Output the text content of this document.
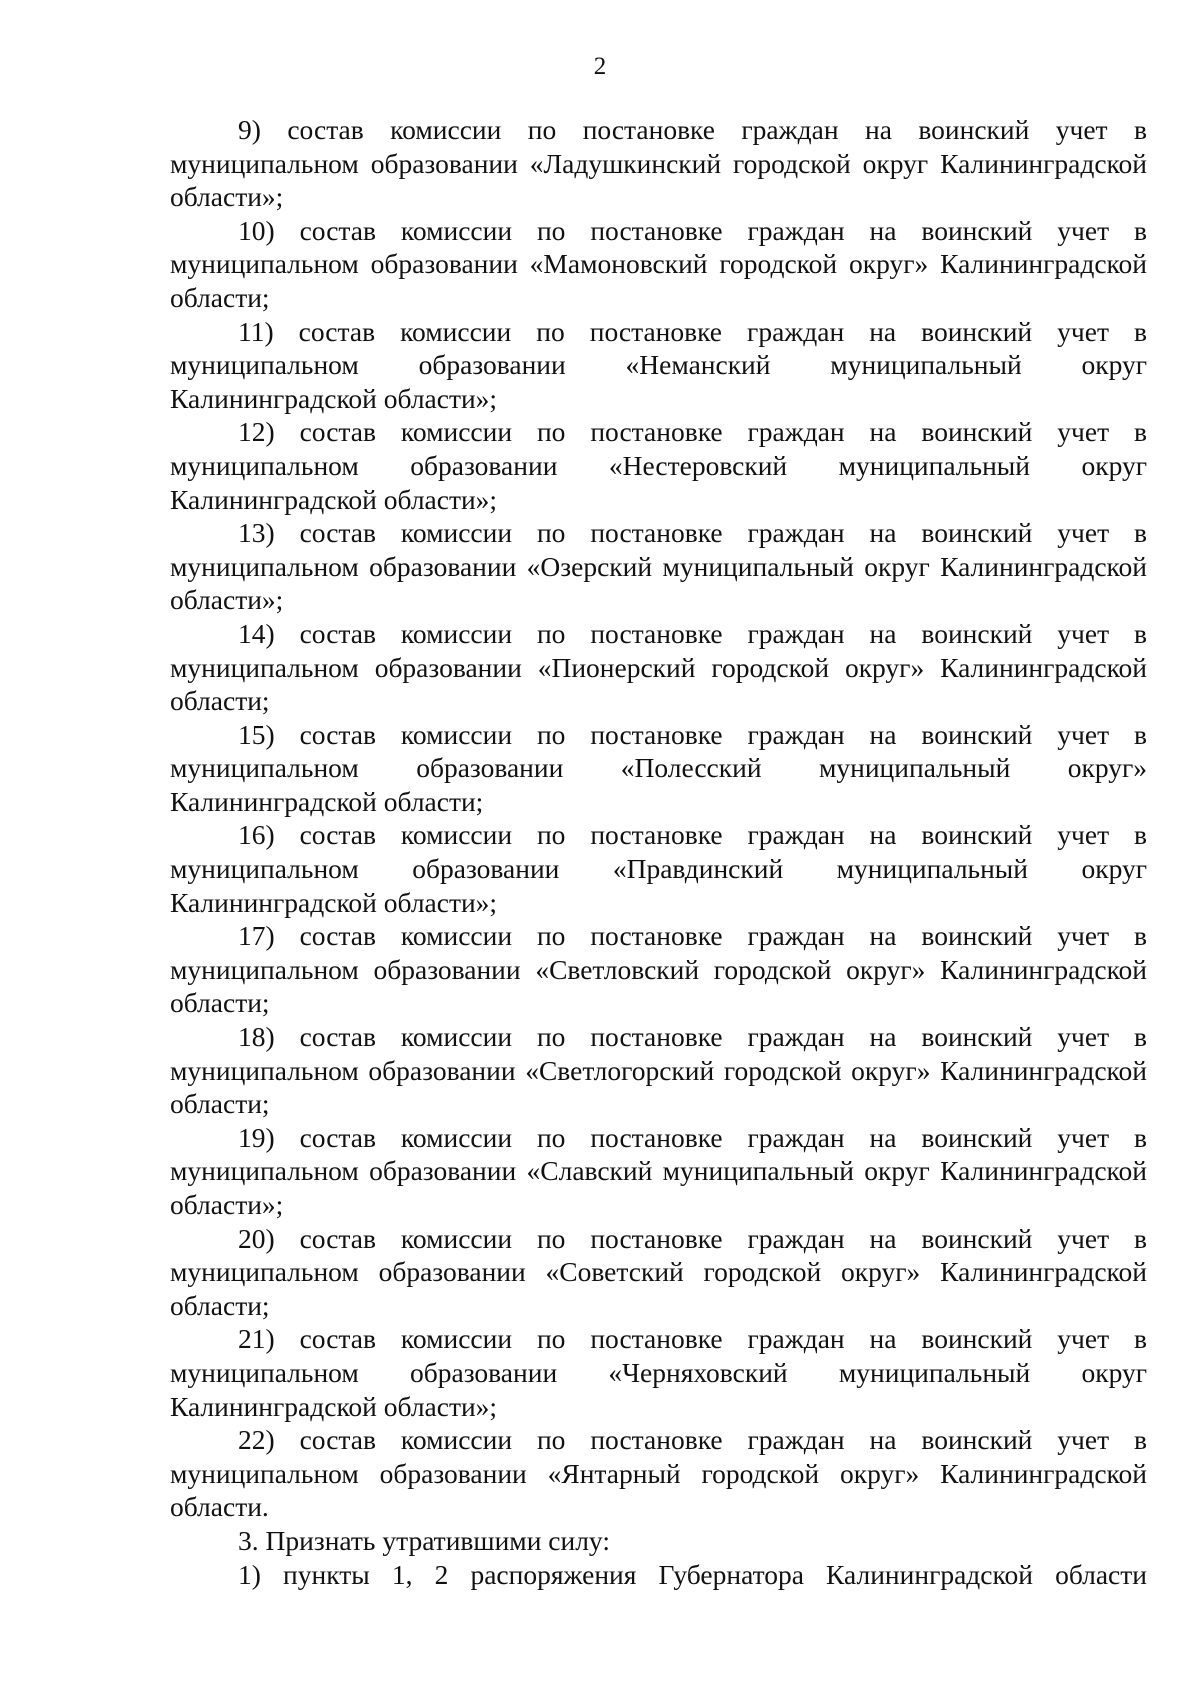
2

9) состав комиссии по постановке граждан на воинский учет в муниципальном образовании «Ладушкинский городской округ Калининградской области»;

10) состав комиссии по постановке граждан на воинский учет в муниципальном образовании «Мамоновский городской округ» Калининградской области;

11) состав комиссии по постановке граждан на воинский учет в муниципальном образовании «Неманский муниципальный округ Калининградской области»;

12) состав комиссии по постановке граждан на воинский учет в муниципальном образовании «Нестеровский муниципальный округ Калининградской области»;

13) состав комиссии по постановке граждан на воинский учет в муниципальном образовании «Озерский муниципальный округ Калининградской области»;

14) состав комиссии по постановке граждан на воинский учет в муниципальном образовании «Пионерский городской округ» Калининградской области;

15) состав комиссии по постановке граждан на воинский учет в муниципальном образовании «Полесский муниципальный округ» Калининградской области;

16) состав комиссии по постановке граждан на воинский учет в муниципальном образовании «Правдинский муниципальный округ Калининградской области»;

17) состав комиссии по постановке граждан на воинский учет в муниципальном образовании «Светловский городской округ» Калининградской области;

18) состав комиссии по постановке граждан на воинский учет в муниципальном образовании «Светлогорский городской округ» Калининградской области;

19) состав комиссии по постановке граждан на воинский учет в муниципальном образовании «Славский муниципальный округ Калининградской области»;

20) состав комиссии по постановке граждан на воинский учет в муниципальном образовании «Советский городской округ» Калининградской области;

21) состав комиссии по постановке граждан на воинский учет в муниципальном образовании «Черняховский муниципальный округ Калининградской области»;

22) состав комиссии по постановке граждан на воинский учет в муниципальном образовании «Янтарный городской округ» Калининградской области.

3. Признать утратившими силу:

1) пункты 1, 2 распоряжения Губернатора Калининградской области
